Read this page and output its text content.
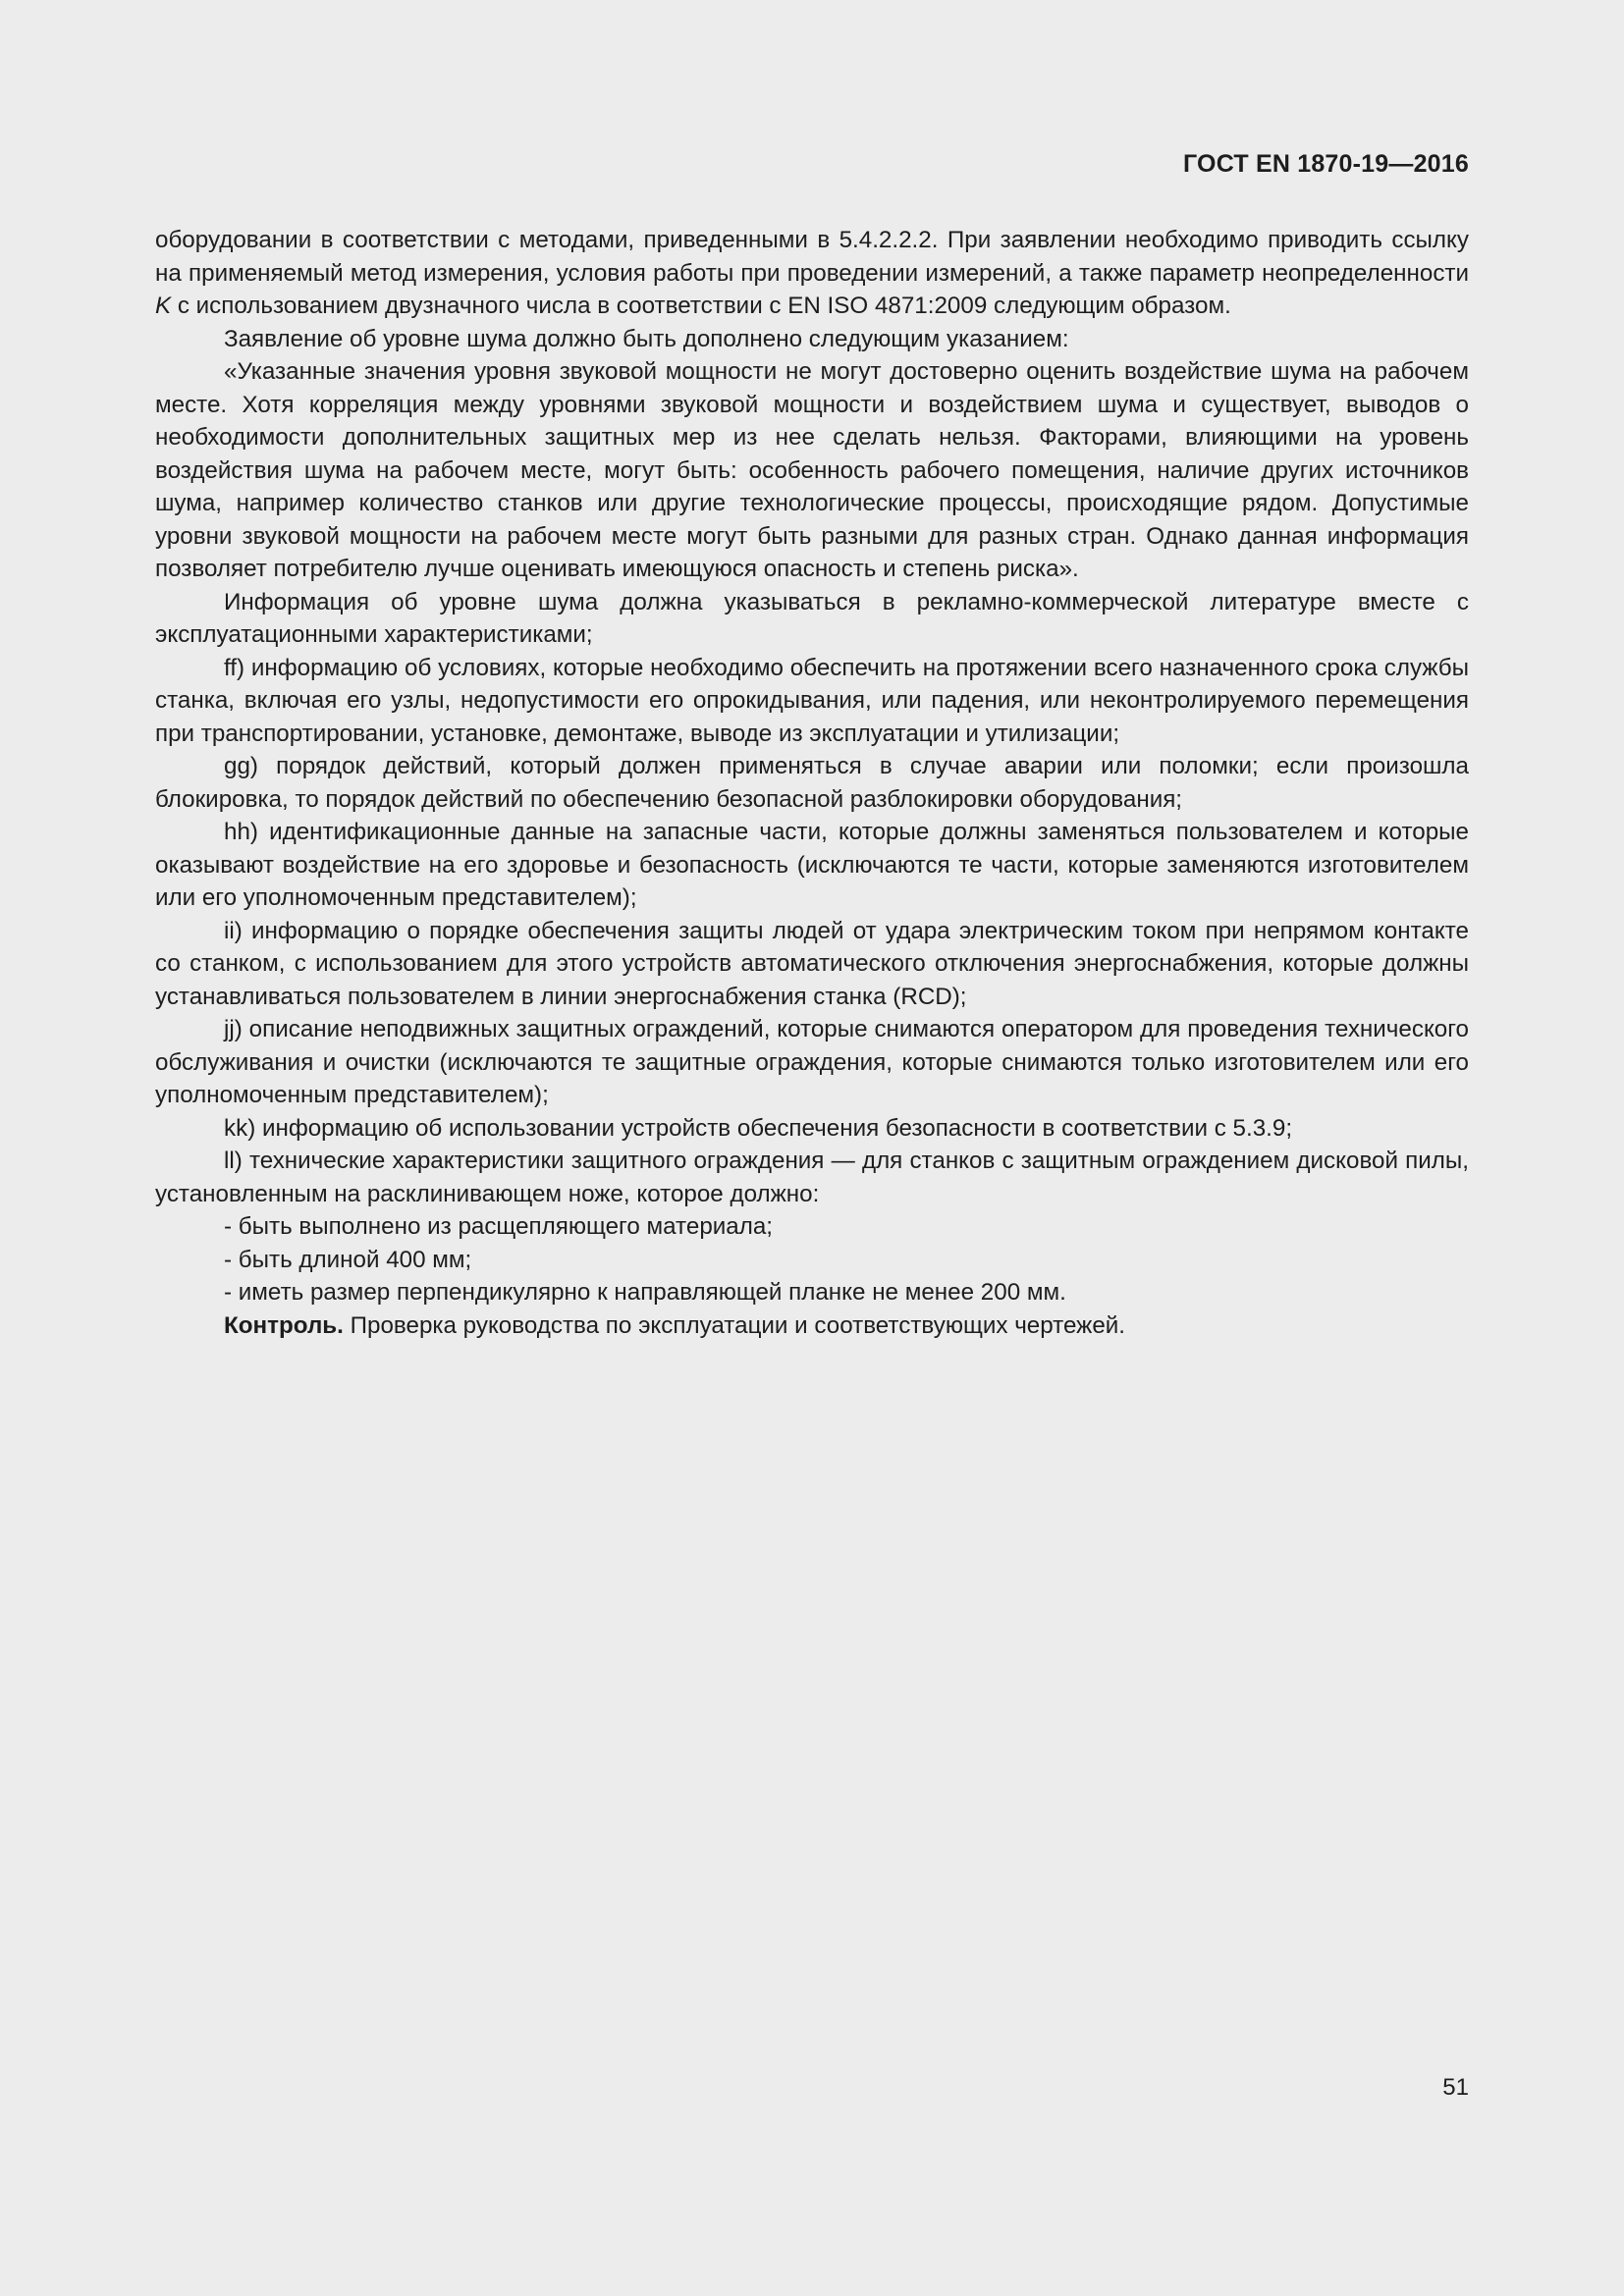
ГОСТ EN 1870-19—2016

оборудовании в соответствии с методами, приведенными в 5.4.2.2.2. При заявлении необходимо приводить ссылку на применяемый метод измерения, условия работы при проведении измерений, а также параметр неопределенности K с использованием двузначного числа в соответствии с EN ISO 4871:2009 следующим образом.

Заявление об уровне шума должно быть дополнено следующим указанием:

«Указанные значения уровня звуковой мощности не могут достоверно оценить воздействие шума на рабочем месте. Хотя корреляция между уровнями звуковой мощности и воздействием шума и существует, выводов о необходимости дополнительных защитных мер из нее сделать нельзя. Факторами, влияющими на уровень воздействия шума на рабочем месте, могут быть: особенность рабочего помещения, наличие других источников шума, например количество станков или другие технологические процессы, происходящие рядом. Допустимые уровни звуковой мощности на рабочем месте могут быть разными для разных стран. Однако данная информация позволяет потребителю лучше оценивать имеющуюся опасность и степень риска».

Информация об уровне шума должна указываться в рекламно-коммерческой литературе вместе с эксплуатационными характеристиками;

ff) информацию об условиях, которые необходимо обеспечить на протяжении всего назначенного срока службы станка, включая его узлы, недопустимости его опрокидывания, или падения, или неконтролируемого перемещения при транспортировании, установке, демонтаже, выводе из эксплуатации и утилизации;

gg) порядок действий, который должен применяться в случае аварии или поломки; если произошла блокировка, то порядок действий по обеспечению безопасной разблокировки оборудования;

hh) идентификационные данные на запасные части, которые должны заменяться пользователем и которые оказывают воздействие на его здоровье и безопасность (исключаются те части, которые заменяются изготовителем или его уполномоченным представителем);

ii) информацию о порядке обеспечения защиты людей от удара электрическим током при непрямом контакте со станком, с использованием для этого устройств автоматического отключения энергоснабжения, которые должны устанавливаться пользователем в линии энергоснабжения станка (RCD);

jj) описание неподвижных защитных ограждений, которые снимаются оператором для проведения технического обслуживания и очистки (исключаются те защитные ограждения, которые снимаются только изготовителем или его уполномоченным представителем);

kk) информацию об использовании устройств обеспечения безопасности в соответствии с 5.3.9;

ll) технические характеристики защитного ограждения — для станков с защитным ограждением дисковой пилы, установленным на расклинивающем ноже, которое должно:

- быть выполнено из расщепляющего материала;

- быть длиной 400 мм;

- иметь размер перпендикулярно к направляющей планке не менее 200 мм.

Контроль. Проверка руководства по эксплуатации и соответствующих чертежей.

51
